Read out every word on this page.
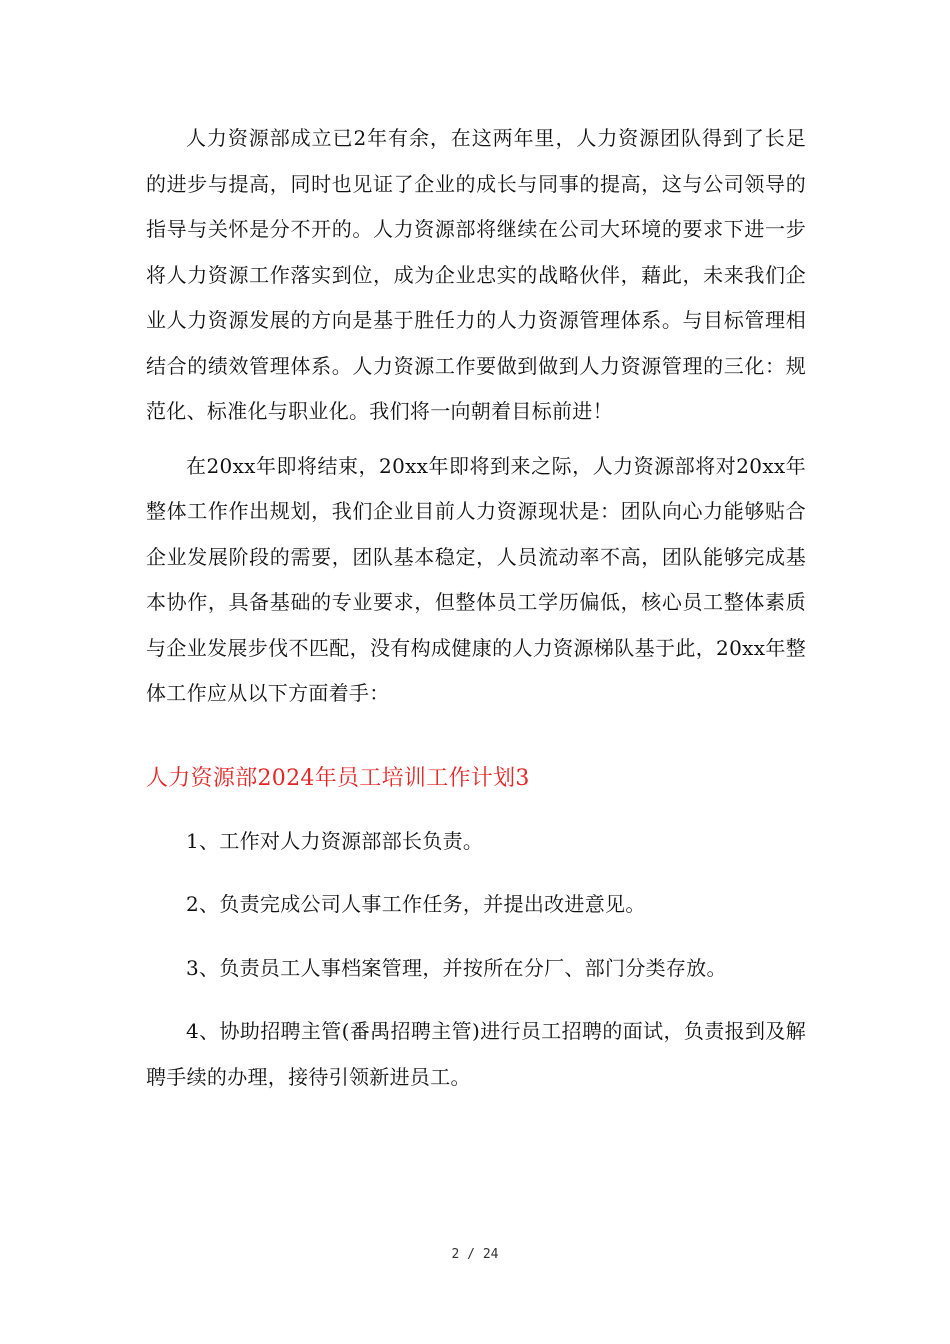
人力资源部成立已2年有余，在这两年里，人力资源团队得到了长足的进步与提高，同时也见证了企业的成长与同事的提高，这与公司领导的指导与关怀是分不开的。人力资源部将继续在公司大环境的要求下进一步将人力资源工作落实到位，成为企业忠实的战略伙伴，藉此，未来我们企业人力资源发展的方向是基于胜任力的人力资源管理体系。与目标管理相结合的绩效管理体系。人力资源工作要做到做到人力资源管理的三化：规范化、标准化与职业化。我们将一向朝着目标前进！

在20xx年即将结束，20xx年即将到来之际，人力资源部将对20xx年整体工作作出规划，我们企业目前人力资源现状是：团队向心力能够贴合企业发展阶段的需要，团队基本稳定，人员流动率不高，团队能够完成基本协作，具备基础的专业要求，但整体员工学历偏低，核心员工整体素质与企业发展步伐不匹配，没有构成健康的人力资源梯队基于此，20xx年整体工作应从以下方面着手：

人力资源部2024年员工培训工作计划3
1、工作对人力资源部部长负责。
2、负责完成公司人事工作任务，并提出改进意见。
3、负责员工人事档案管理，并按所在分厂、部门分类存放。
4、协助招聘主管(番禺招聘主管)进行员工招聘的面试，负责报到及解聘手续的办理，接待引领新进员工。
2 / 24
